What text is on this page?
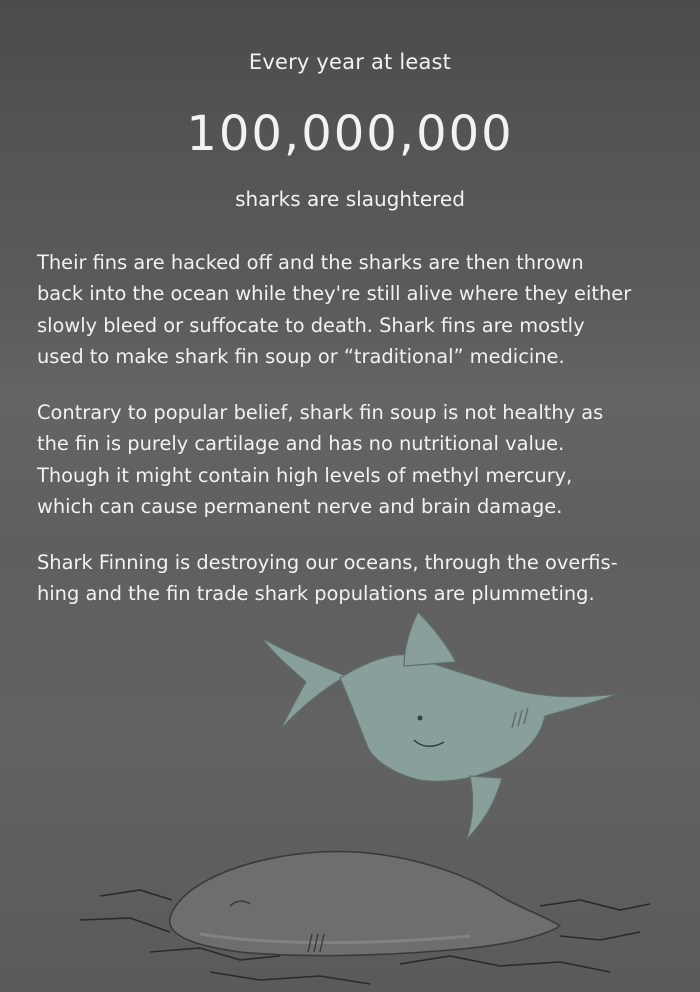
Every year at least
100,000,000
sharks are slaughtered

Their fins are hacked off and the sharks are then thrown
back into the ocean while they're still alive where they either
slowly bleed or suffocate to death. Shark fins are mostly
used to make shark fin soup or “traditional” medicine.

Contrary to popular belief, shark fin soup is not healthy as
the fin is purely cartilage and has no nutritional value.
Though it might contain high levels of methyl mercury,
which can cause permanent nerve and brain damage.

Shark Finning is destroying our oceans, through the overfis-
hing and the fin trade shark populations are plummeting.
